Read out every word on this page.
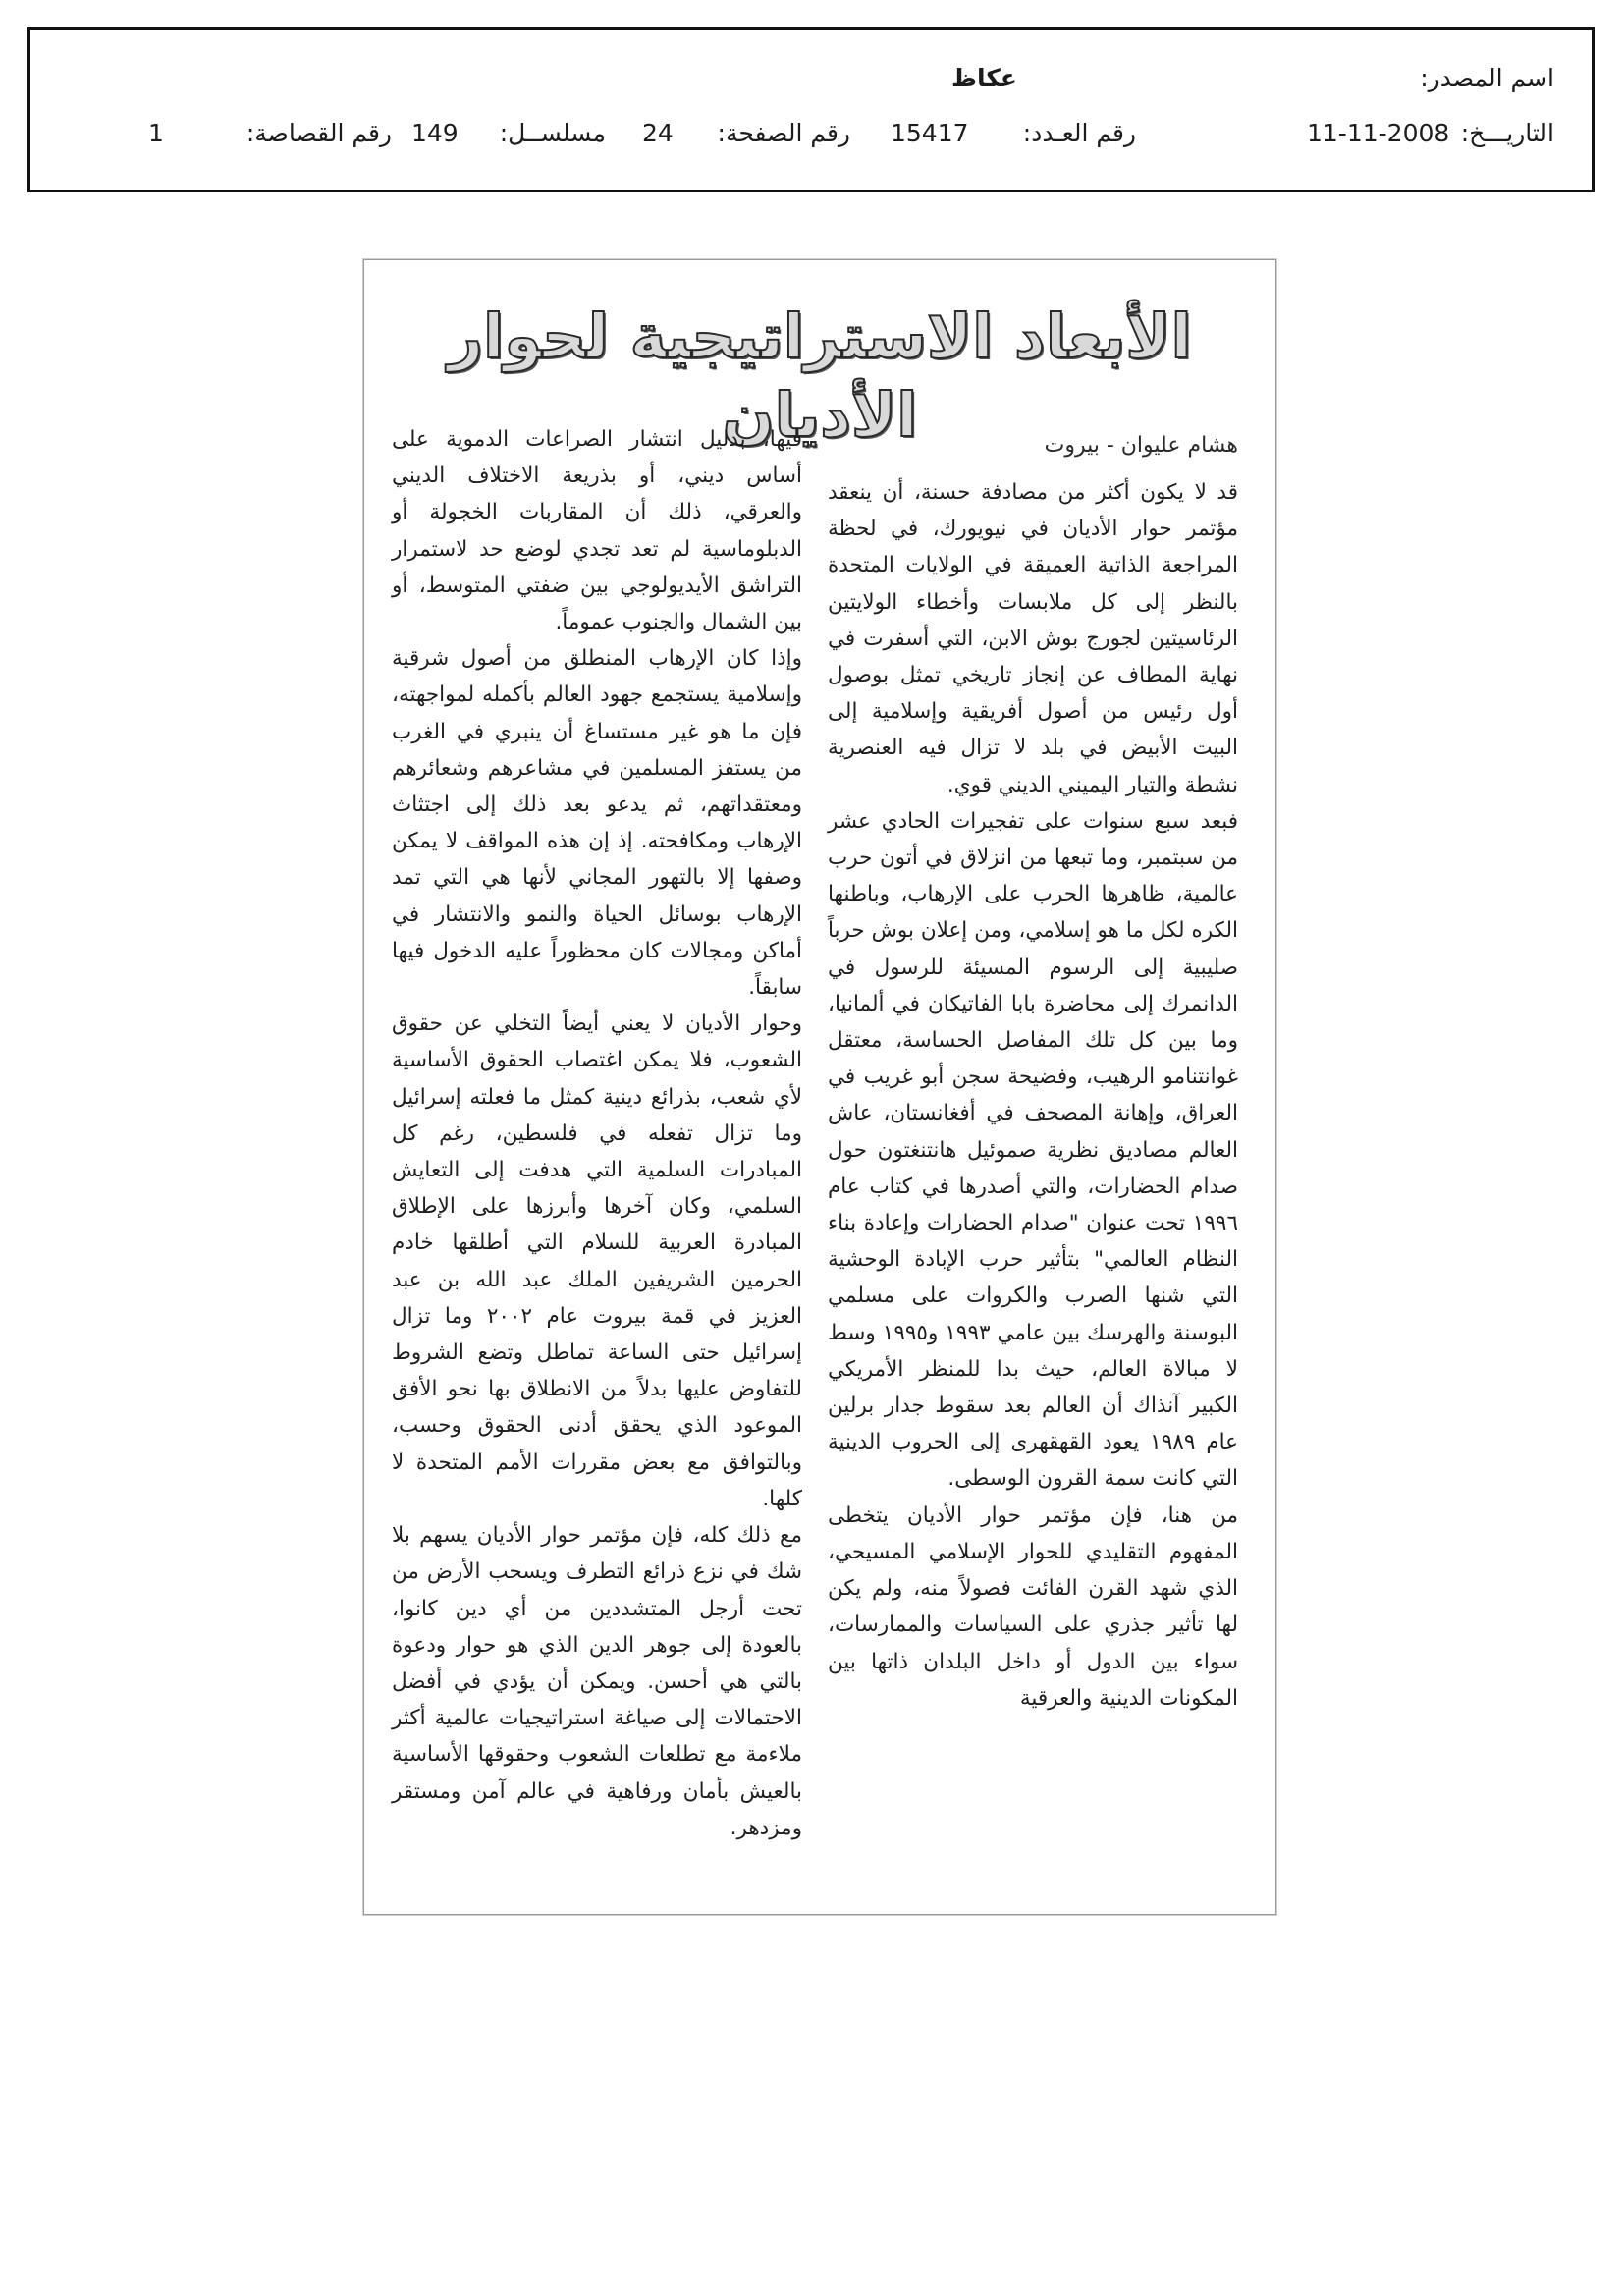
اسم المصدر:
عكاظ
التاريـــخ:
11-11-2008
رقم العـدد:
15417
رقم الصفحة:
24
مسلســل:
149
رقم القصاصة:
1
الأبعاد الاستراتيجية لحوار الأديان	هشام عليوان - بيروت

قد لا يكون أكثر من مصادفة حسنة، أن ينعقد مؤتمر حوار الأديان في نيويورك، في لحظة المراجعة الذاتية العميقة في الولايات المتحدة بالنظر إلى كل ملابسات وأخطاء الولايتين الرئاسيتين لجورج بوش الابن، التي أسفرت في نهاية المطاف عن إنجاز تاريخي تمثل بوصول أول رئيس من أصول أفريقية وإسلامية إلى البيت الأبيض في بلد لا تزال فيه العنصرية نشطة والتيار اليميني الديني قوي.

فبعد سبع سنوات على تفجيرات الحادي عشر من سبتمبر، وما تبعها من انزلاق في أتون حرب عالمية، ظاهرها الحرب على الإرهاب، وباطنها الكره لكل ما هو إسلامي، ومن إعلان بوش حرباً صليبية إلى الرسوم المسيئة للرسول في الدانمرك إلى محاضرة بابا الفاتيكان في ألمانيا، وما بين كل تلك المفاصل الحساسة، معتقل غوانتنامو الرهيب، وفضيحة سجن أبو غريب في العراق، وإهانة المصحف في أفغانستان، عاش العالم مصاديق نظرية صموئيل هانتنغتون حول صدام الحضارات، والتي أصدرها في كتاب عام ١٩٩٦ تحت عنوان "صدام الحضارات وإعادة بناء النظام العالمي" بتأثير حرب الإبادة الوحشية التي شنها الصرب والكروات على مسلمي البوسنة والهرسك بين عامي ١٩٩٣ و١٩٩٥ وسط لا مبالاة العالم، حيث بدا للمنظر الأمريكي الكبير آنذاك أن العالم بعد سقوط جدار برلين عام ١٩٨٩ يعود القهقهرى إلى الحروب الدينية التي كانت سمة القرون الوسطى.

من هنا، فإن مؤتمر حوار الأديان يتخطى المفهوم التقليدي للحوار الإسلامي المسيحي، الذي شهد القرن الفائت فصولاً منه، ولم يكن لها تأثير جذري على السياسات والممارسات، سواء بين الدول أو داخل البلدان ذاتها بين المكونات الدينية والعرقية

فيها، بدليل انتشار الصراعات الدموية على أساس ديني، أو بذريعة الاختلاف الديني والعرقي، ذلك أن المقاربات الخجولة أو الدبلوماسية لم تعد تجدي لوضع حد لاستمرار التراشق الأيديولوجي بين ضفتي المتوسط، أو بين الشمال والجنوب عموماً.

وإذا كان الإرهاب المنطلق من أصول شرقية وإسلامية يستجمع جهود العالم بأكمله لمواجهته، فإن ما هو غير مستساغ أن ينبري في الغرب من يستفز المسلمين في مشاعرهم وشعائرهم ومعتقداتهم، ثم يدعو بعد ذلك إلى اجتثاث الإرهاب ومكافحته. إذ إن هذه المواقف لا يمكن وصفها إلا بالتهور المجاني لأنها هي التي تمد الإرهاب بوسائل الحياة والنمو والانتشار في أماكن ومجالات كان محظوراً عليه الدخول فيها سابقاً.

وحوار الأديان لا يعني أيضاً التخلي عن حقوق الشعوب، فلا يمكن اغتصاب الحقوق الأساسية لأي شعب، بذرائع دينية كمثل ما فعلته إسرائيل وما تزال تفعله في فلسطين، رغم كل المبادرات السلمية التي هدفت إلى التعايش السلمي، وكان آخرها وأبرزها على الإطلاق المبادرة العربية للسلام التي أطلقها خادم الحرمين الشريفين الملك عبد الله بن عبد العزيز في قمة بيروت عام ٢٠٠٢ وما تزال إسرائيل حتى الساعة تماطل وتضع الشروط للتفاوض عليها بدلاً من الانطلاق بها نحو الأفق الموعود الذي يحقق أدنى الحقوق وحسب، وبالتوافق مع بعض مقررات الأمم المتحدة لا كلها.

مع ذلك كله، فإن مؤتمر حوار الأديان يسهم بلا شك في نزع ذرائع التطرف ويسحب الأرض من تحت أرجل المتشددين من أي دين كانوا، بالعودة إلى جوهر الدين الذي هو حوار ودعوة بالتي هي أحسن. ويمكن أن يؤدي في أفضل الاحتمالات إلى صياغة استراتيجيات عالمية أكثر ملاءمة مع تطلعات الشعوب وحقوقها الأساسية بالعيش بأمان ورفاهية في عالم آمن ومستقر ومزدهر.
